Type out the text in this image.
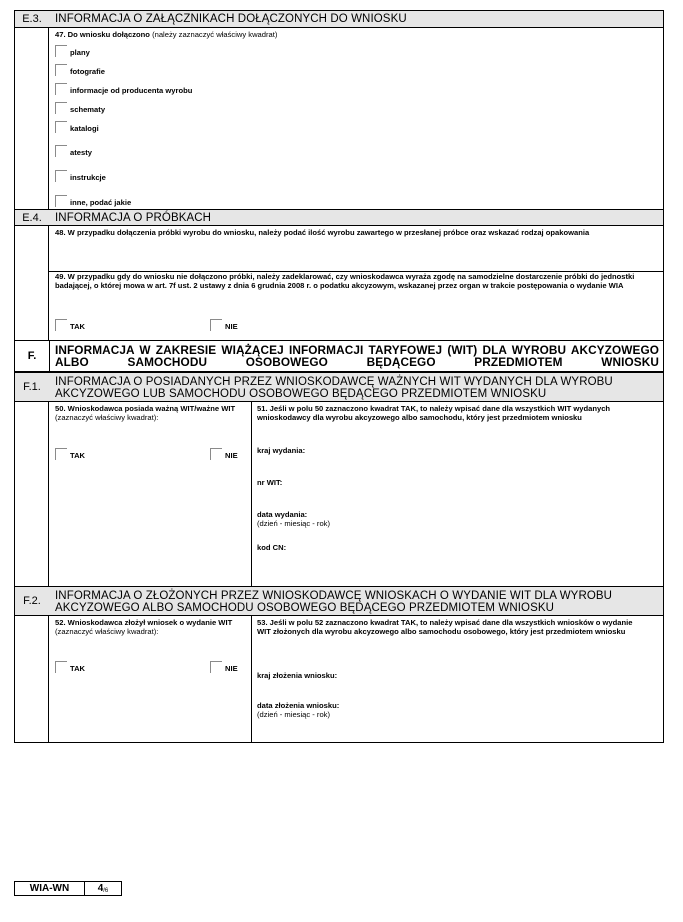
E.3.	INFORMACJA O ZAŁĄCZNIKACH DOŁĄCZONYCH DO WNIOSKU
47. Do wniosku dołączono (należy zaznaczyć właściwy kwadrat)
plany
fotografie
informacje od producenta wyrobu
schematy
katalogi
atesty
instrukcje
inne, podać jakie
E.4.	INFORMACJA O PRÓBKACH
48. W przypadku dołączenia próbki wyrobu do wniosku, należy podać ilość wyrobu zawartego w przesłanej próbce oraz wskazać rodzaj opakowania
49. W przypadku gdy do wniosku nie dołączono próbki, należy zadeklarować, czy wnioskodawca wyraża zgodę na samodzielne dostarczenie próbki do jednostki badającej, o której mowa w art. 7f ust. 2 ustawy z dnia 6 grudnia 2008 r. o podatku akcyzowym, wskazanej przez organ w trakcie postępowania o wydanie WIA
TAK	NIE
F.	INFORMACJA W ZAKRESIE WIĄŻĄCEJ INFORMACJI TARYFOWEJ (WIT) DLA WYROBU AKCYZOWEGO ALBO SAMOCHODU OSOBOWEGO BĘDĄCEGO PRZEDMIOTEM WNIOSKU
F.1.	INFORMACJA O POSIADANYCH PRZEZ WNIOSKODAWCĘ WAŻNYCH WIT WYDANYCH DLA WYROBU AKCYZOWEGO LUB SAMOCHODU OSOBOWEGO BĘDĄCEGO PRZEDMIOTEM WNIOSKU
50. Wnioskodawca posiada ważną WIT/ważne WIT
(zaznaczyć właściwy kwadrat):
TAK	NIE
51. Jeśli w polu 50 zaznaczono kwadrat TAK, to należy wpisać dane dla wszystkich WIT wydanych wnioskodawcy dla wyrobu akcyzowego albo samochodu, który jest przedmiotem wniosku
kraj wydania:
nr WIT:
data wydania:
(dzień - miesiąc - rok)
kod CN:
F.2.	INFORMACJA O ZŁOŻONYCH PRZEZ WNIOSKODAWCĘ WNIOSKACH O WYDANIE WIT DLA WYROBU AKCYZOWEGO ALBO SAMOCHODU OSOBOWEGO BĘDĄCEGO PRZEDMIOTEM WNIOSKU
52. Wnioskodawca złożył wniosek o wydanie WIT
(zaznaczyć właściwy kwadrat):
TAK	NIE
53. Jeśli w polu 52 zaznaczono kwadrat TAK, to należy wpisać dane dla wszystkich wniosków o wydanie WIT złożonych dla wyrobu akcyzowego albo samochodu osobowego, który jest przedmiotem wniosku
kraj złożenia wniosku:
data złożenia wniosku:
(dzień - miesiąc - rok)
WIA-WN	$4_{/6}$
